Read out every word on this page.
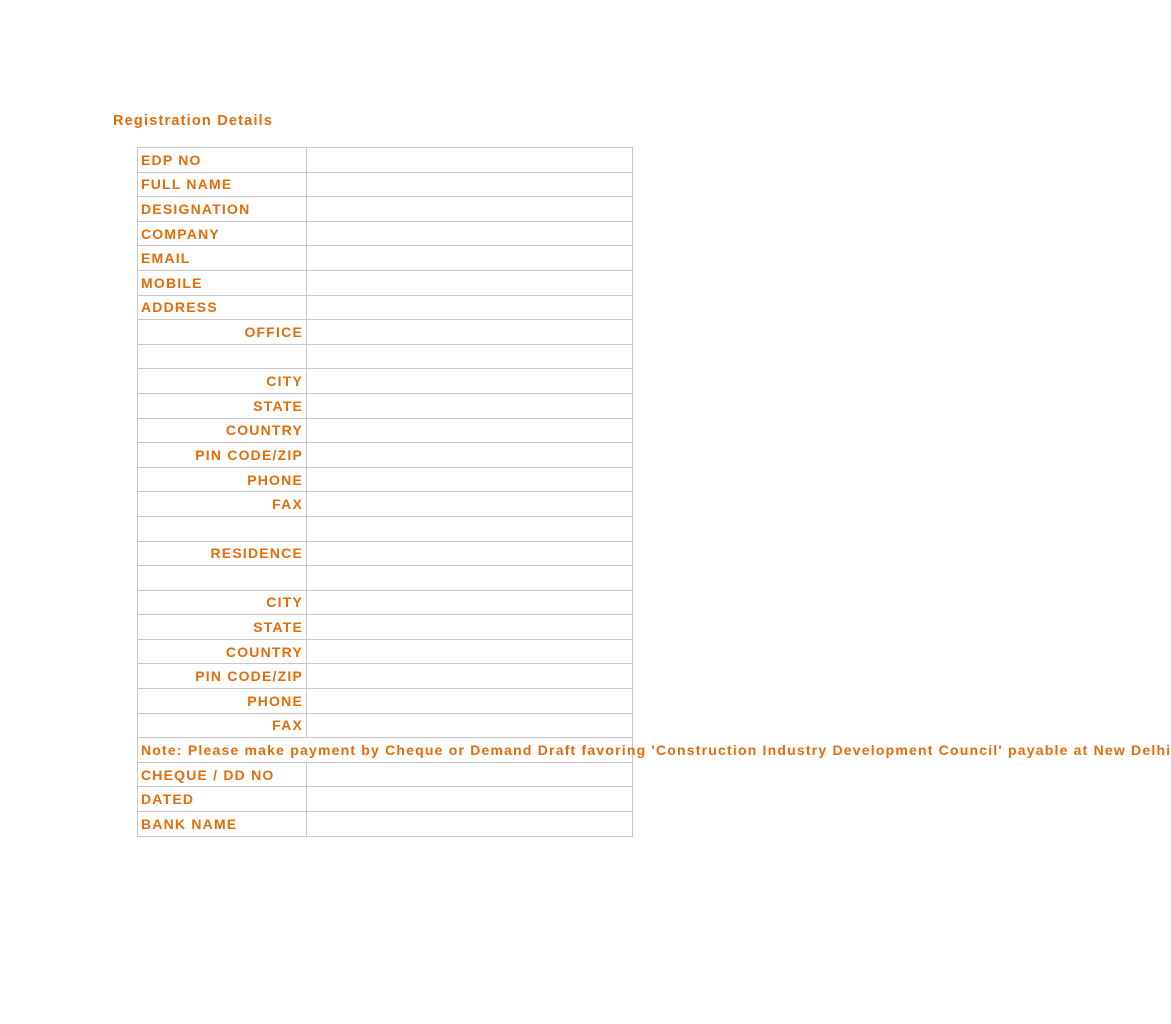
Registration Details
EDP NO	
FULL NAME	
DESIGNATION	
COMPANY	
EMAIL	
MOBILE	
ADDRESS	
OFFICE	

CITY	
STATE	
COUNTRY	
PIN CODE/ZIP	
PHONE	
FAX	

RESIDENCE	

CITY	
STATE	
COUNTRY	
PIN CODE/ZIP	
PHONE	
FAX	
Note: Please make payment by Cheque or Demand Draft favoring 'Construction Industry Development Council' payable at New Delhi	
CHEQUE / DD NO	
DATED	
BANK NAME	
